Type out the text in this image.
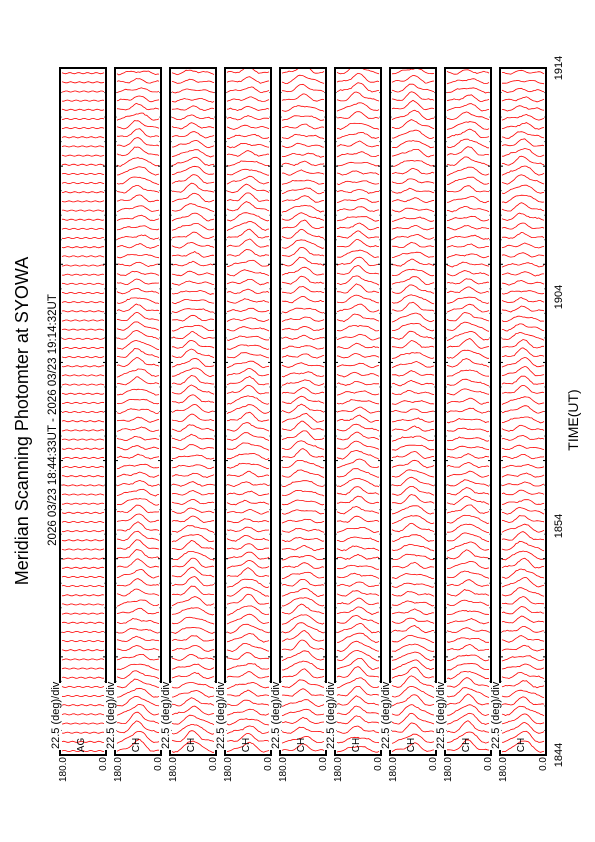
Meridian Scanning Photomter at SYOWA 2026 03/23 18:44:33UT - 2026 03/23 19:14:32UT	TIME(UT)
180.0
AG
0.0
22.5 (deg)/div
180.0
CH
0.0
22.5 (deg)/div
180.0
CH
0.0
22.5 (deg)/div
180.0
CH
0.0
22.5 (deg)/div
180.0
CH
0.0
22.5 (deg)/div
180.0
CH
0.0
22.5 (deg)/div
180.0
CH
0.0
22.5 (deg)/div
180.0
CH
0.0
22.5 (deg)/div
180.0
CH
0.0
22.5 (deg)/div
1844
1854
1904
1914
